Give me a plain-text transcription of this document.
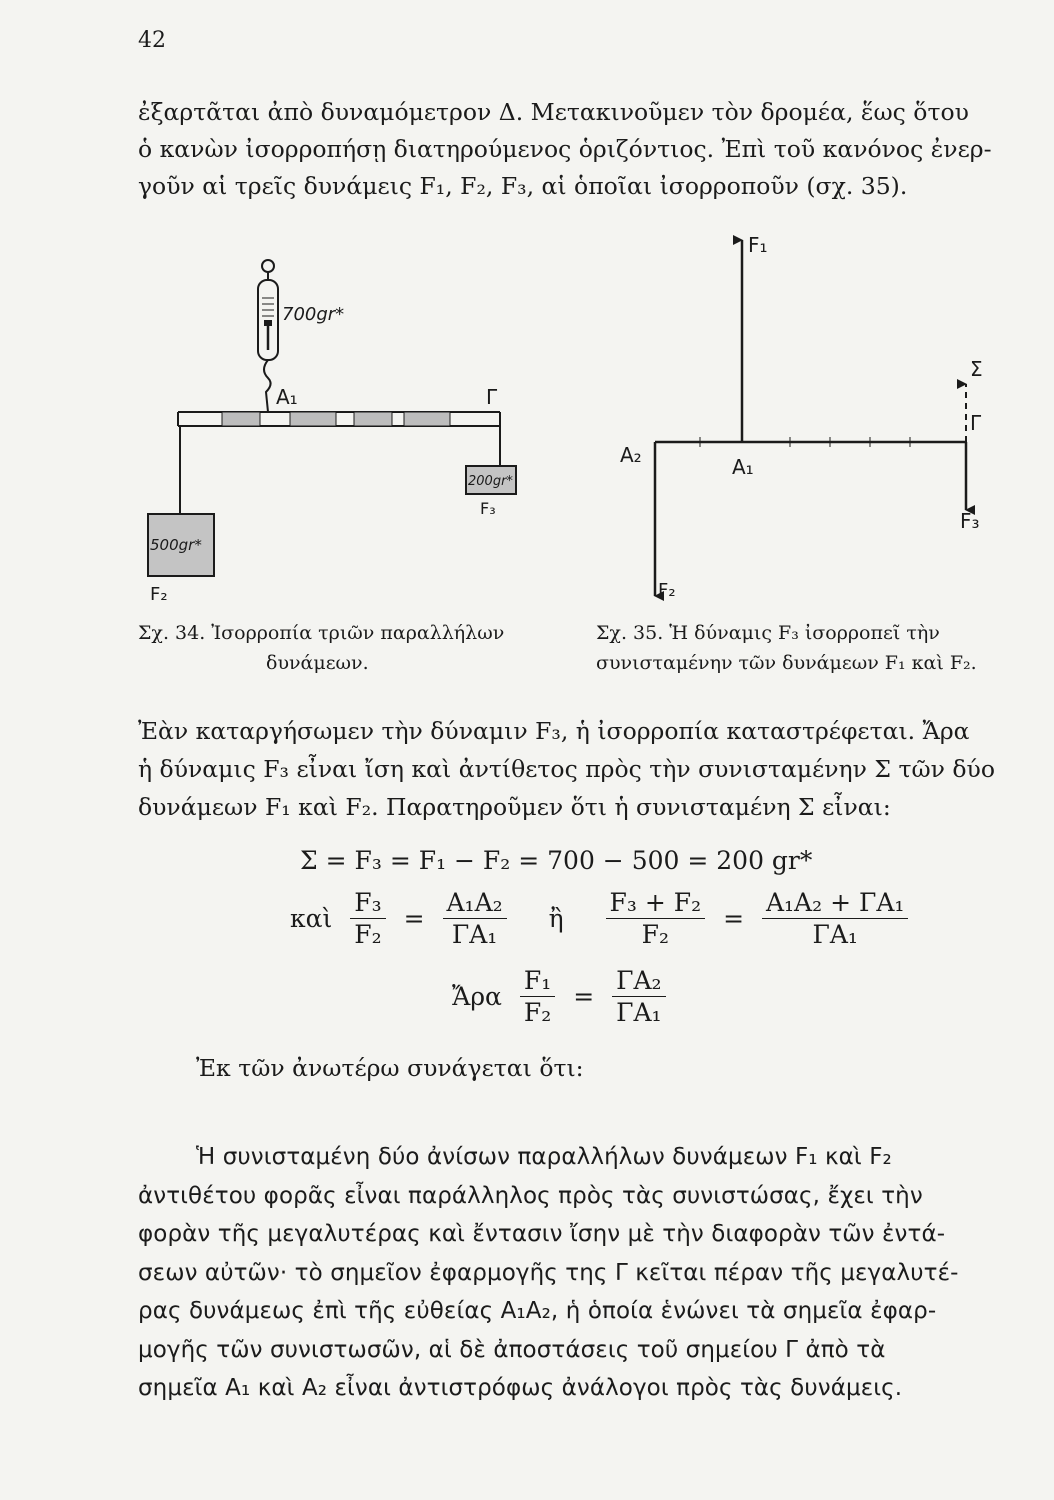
42
ἐξαρτᾶται ἀπὸ δυναμόμετρον Δ. Μετακινοῦμεν τὸν δρομέα, ἕως ὅτου
ὁ κανὼν ἰσορροπήσῃ διατηρούμενος ὁριζόντιος. Ἐπὶ τοῦ κανόνος ἐνερ-
γοῦν αἱ τρεῖς δυνάμεις F₁, F₂, F₃, αἱ ὁποῖαι ἰσορροποῦν (σχ. 35).
700gr*
A₁	Γ
500gr*
F₂
200gr*
F₃
F₁
F₂
F₃
Σ
Γ
A₂	A₁
Σχ. 34. Ἰσορροπία τριῶν παραλλήλων
δυνάμεων.
Σχ. 35. Ἡ δύναμις F₃ ἰσορροπεῖ τὴν
συνισταμένην τῶν δυνάμεων F₁ καὶ F₂.
Ἐὰν καταργήσωμεν τὴν δύναμιν F₃, ἡ ἰσορροπία καταστρέφεται. Ἄρα
ἡ δύναμις F₃ εἶναι ἴση καὶ ἀντίθετος πρὸς τὴν συνισταμένην Σ τῶν δύο
δυνάμεων F₁ καὶ F₂. Παρατηροῦμεν ὅτι ἡ συνισταμένη Σ εἶναι:
Σ = F₃ = F₁ − F₂ = 700 − 500 = 200 gr*
καὶ $\frac{\text{F₃}}{\text{F₂}} = \frac{\text{A₁A₂}}{\text{ΓA₁}}$ ἢ $\frac{\text{F₃ + F₂}}{\text{F₂}} = \frac{\text{A₁A₂ + ΓA₁}}{\text{ΓA₁}}$
Ἄρα $\frac{\text{F₁}}{\text{F₂}} = \frac{\text{ΓA₂}}{\text{ΓA₁}}$
Ἐκ τῶν ἀνωτέρω συνάγεται ὅτι:
Ἡ συνισταμένη δύο ἀνίσων παραλλήλων δυνάμεων F₁ καὶ F₂
ἀντιθέτου φορᾶς εἶναι παράλληλος πρὸς τὰς συνιστώσας, ἔχει τὴν
φορὰν τῆς μεγαλυτέρας καὶ ἔντασιν ἴσην μὲ τὴν διαφορὰν τῶν ἐντά-
σεων αὐτῶν· τὸ σημεῖον ἐφαρμογῆς της Γ κεῖται πέραν τῆς μεγαλυτέ-
ρας δυνάμεως ἐπὶ τῆς εὐθείας A₁A₂, ἡ ὁποία ἑνώνει τὰ σημεῖα ἐφαρ-
μογῆς τῶν συνιστωσῶν, αἱ δὲ ἀποστάσεις τοῦ σημείου Γ ἀπὸ τὰ
σημεῖα A₁ καὶ A₂ εἶναι ἀντιστρόφως ἀνάλογοι πρὸς τὰς δυνάμεις.
